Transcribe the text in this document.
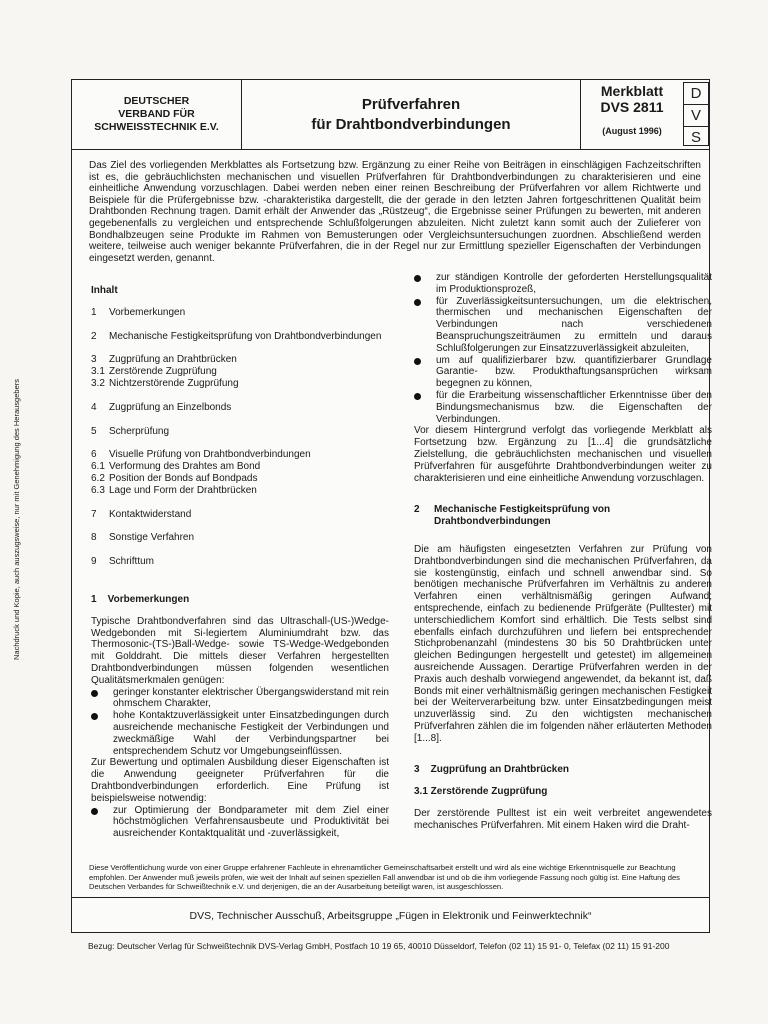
Nachdruck und Kopie, auch auszugsweise, nur mit Genehmigung des Herausgebers
DEUTSCHER
VERBAND FÜR
SCHWEISSTECHNIK E.V.
Prüfverfahren
für Drahtbondverbindungen
Merkblatt
DVS 2811
(August 1996)
D
V
S
Das Ziel des vorliegenden Merkblattes als Fortsetzung bzw. Ergänzung zu einer Reihe von Beiträgen in einschlägigen Fachzeitschriften ist es, die gebräuchlichsten mechanischen und visuellen Prüfverfahren für Drahtbondverbindungen zu charakterisieren und eine einheitliche Anwendung vorzuschlagen. Dabei werden neben einer reinen Beschreibung der Prüfverfahren vor allem Richtwerte und Beispiele für die Prüfergebnisse bzw. -charakteristika dargestellt, die der gerade in den letzten Jahren fortgeschrittenen Qualität beim Drahtbonden Rechnung tragen. Damit erhält der Anwender das „Rüstzeug“, die Ergebnisse seiner Prüfungen zu bewerten, mit anderen gegebenenfalls zu vergleichen und entsprechende Schlußfolgerungen abzuleiten. Nicht zuletzt kann somit auch der Zulieferer von Bondhalbzeugen seine Produkte im Rahmen von Bemusterungen oder Vergleichsuntersuchungen zuordnen. Abschließend werden weitere, teilweise auch weniger bekannte Prüfverfahren, die in der Regel nur zur Ermittlung spezieller Eigenschaften der Verbindungen eingesetzt werden, genannt.
Inhalt
1	Vorbemerkungen
2	Mechanische Festigkeitsprüfung von Drahtbondverbindungen
3	Zugprüfung an Drahtbrücken
3.1 Zerstörende Zugprüfung
3.2 Nichtzerstörende Zugprüfung
4	Zugprüfung an Einzelbonds
5	Scherprüfung
6	Visuelle Prüfung von Drahtbondverbindungen
6.1 Verformung des Drahtes am Bond
6.2 Position der Bonds auf Bondpads
6.3 Lage und Form der Drahtbrücken
7	Kontaktwiderstand
8	Sonstige Verfahren
9	Schrifttum
1    Vorbemerkungen

Typische Drahtbondverfahren sind das Ultraschall-(US-)Wedge-Wedgebonden mit Si-legiertem Aluminiumdraht bzw. das Thermosonic-(TS-)Ball-Wedge- sowie TS-Wedge-Wedgebonden mit Golddraht. Die mittels dieser Verfahren hergestellten Drahtbondverbindungen müssen folgenden wesentlichen Qualitätsmerkmalen genügen:

geringer konstanter elektrischer Übergangswiderstand mit rein ohmschem Charakter,
hohe Kontaktzuverlässigkeit unter Einsatzbedingungen durch ausreichende mechanische Festigkeit der Verbindungen und zweckmäßige Wahl der Verbindungspartner bei entsprechendem Schutz vor Umgebungseinflüssen.

Zur Bewertung und optimalen Ausbildung dieser Eigenschaften ist die Anwendung geeigneter Prüfverfahren für die Drahtbondverbindungen erforderlich. Eine Prüfung ist beispielsweise notwendig:

zur Optimierung der Bondparameter mit dem Ziel einer höchstmöglichen Verfahrensausbeute und Produktivität bei ausreichender Kontaktqualität und -zuverlässigkeit,
zur ständigen Kontrolle der geforderten Herstellungsqualität im Produktionsprozeß,
für Zuverlässigkeitsuntersuchungen, um die elektrischen, thermischen und mechanischen Eigenschaften der Verbindungen nach verschiedenen Beanspruchungszeiträumen zu ermitteln und daraus Schlußfolgerungen zur Einsatzzuverlässigkeit abzuleiten,
um auf qualifizierbarer bzw. quantifizierbarer Grundlage Garantie- bzw. Produkthaftungsansprüchen wirksam begegnen zu können,
für die Erarbeitung wissenschaftlicher Erkenntnisse über den Bindungsmechanismus bzw. die Eigenschaften der Verbindungen.

Vor diesem Hintergrund verfolgt das vorliegende Merkblatt als Fortsetzung bzw. Ergänzung zu [1...4] die grundsätzliche Zielstellung, die gebräuchlichsten mechanischen und visuellen Prüfverfahren für ausgeführte Drahtbondverbindungen weiter zu charakterisieren und eine einheitliche Anwendung vorzuschlagen.

2	Mechanische Festigkeitsprüfung von Drahtbondverbindungen

Die am häufigsten eingesetzten Verfahren zur Prüfung von Drahtbondverbindungen sind die mechanischen Prüfverfahren, da sie kostengünstig, einfach und schnell anwendbar sind. So benötigen mechanische Prüfverfahren im Verhältnis zu anderen Verfahren einen verhältnismäßig geringen Aufwand; entsprechende, einfach zu bedienende Prüfgeräte (Pulltester) mit unterschiedlichem Komfort sind erhältlich. Die Tests selbst sind ebenfalls einfach durchzuführen und liefern bei entsprechender Stichprobenanzahl (mindestens 30 bis 50 Drahtbrücken unter gleichen Bedingungen hergestellt und getestet) im allgemeinen ausreichende Aussagen. Derartige Prüfverfahren werden in der Praxis auch deshalb vorwiegend angewendet, da bekannt ist, daß Bonds mit einer verhältnismäßig geringen mechanischen Festigkeit bei der Weiterverarbeitung bzw. unter Einsatzbedingungen meist unzuverlässig sind. Zu den wichtigsten mechanischen Prüfverfahren zählen die im folgenden näher erläuterten Methoden [1...8].

3    Zugprüfung an Drahtbrücken
3.1 Zerstörende Zugprüfung

Der zerstörende Pulltest ist ein weit verbreitet angewendetes mechanisches Prüfverfahren. Mit einem Haken wird die Draht-

Diese Veröffentlichung wurde von einer Gruppe erfahrener Fachleute in ehrenamtlicher Gemeinschaftsarbeit erstellt und wird als eine wichtige Erkenntnisquelle zur Beachtung empfohlen. Der Anwender muß jeweils prüfen, wie weit der Inhalt auf seinen speziellen Fall anwendbar ist und ob die ihm vorliegende Fassung noch gültig ist. Eine Haftung des Deutschen Verbandes für Schweißtechnik e.V. und derjenigen, die an der Ausarbeitung beteiligt waren, ist ausgeschlossen.
DVS, Technischer Ausschuß, Arbeitsgruppe „Fügen in Elektronik und Feinwerktechnik“
Bezug: Deutscher Verlag für Schweißtechnik DVS-Verlag GmbH, Postfach 10 19 65, 40010 Düsseldorf, Telefon (02 11) 15 91- 0, Telefax (02 11) 15 91-200
